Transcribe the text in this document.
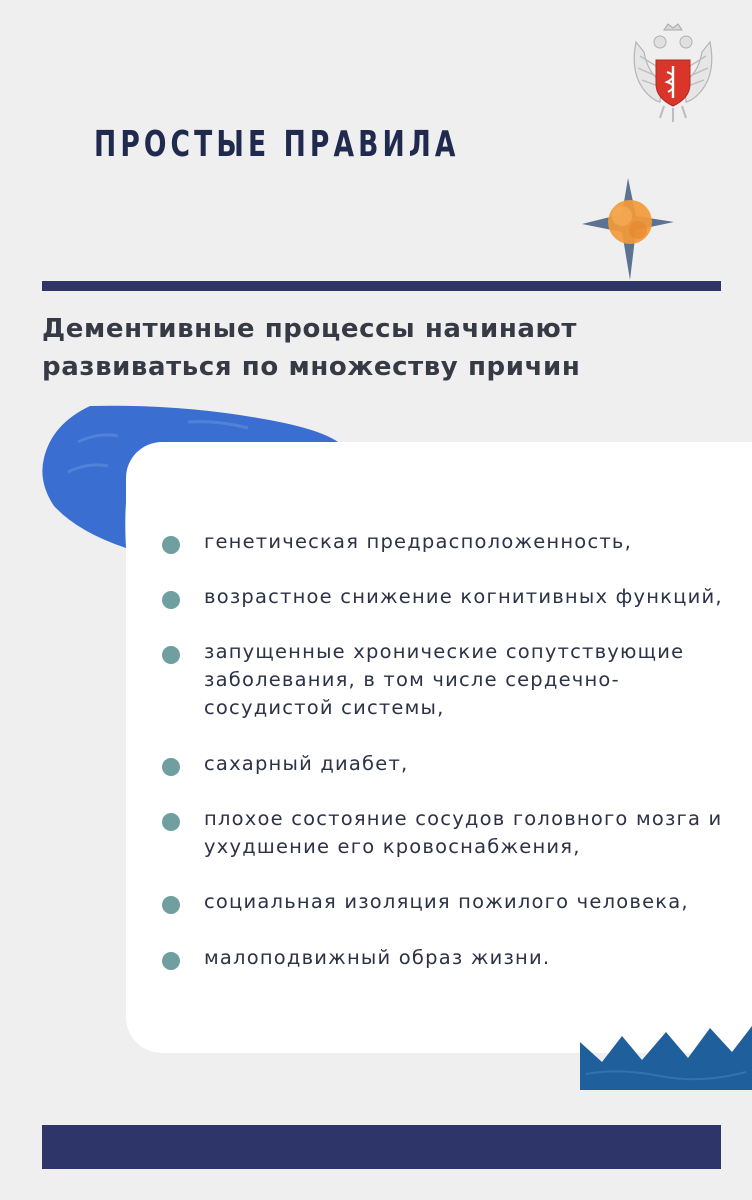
ПРОСТЫЕ ПРАВИЛА
Дементивные процессы начинают развиваться по множеству причин
генетическая предрасположенность,
возрастное снижение когнитивных функций,
запущенные хронические сопутствующие заболевания, в том числе сердечно-сосудистой системы,
сахарный диабет,
плохое состояние сосудов головного мозга и ухудшение его кровоснабжения,
социальная изоляция пожилого человека,
малоподвижный образ жизни.
